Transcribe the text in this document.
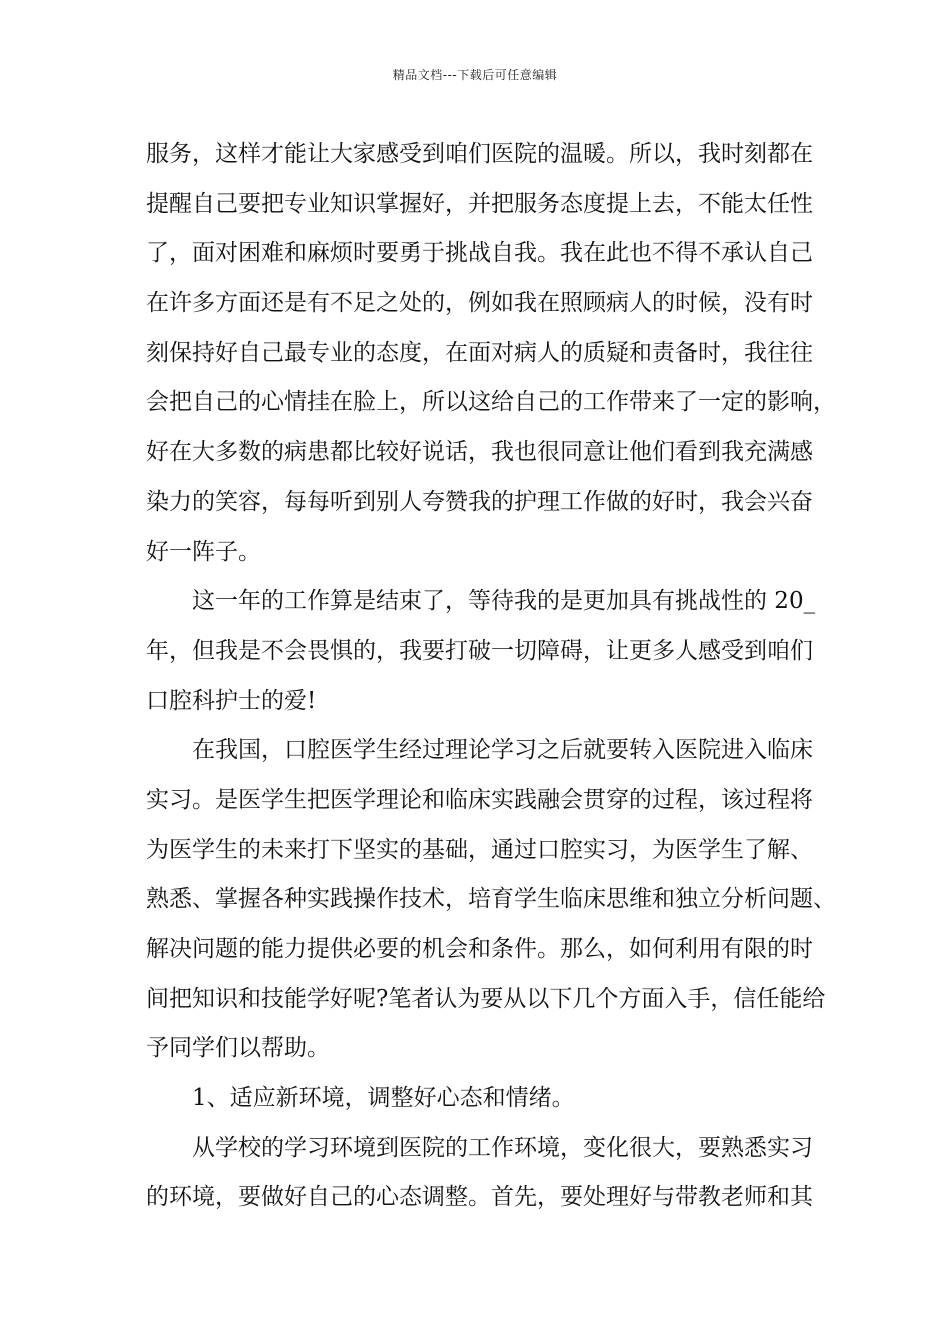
精品文档---下载后可任意编辑
服务，这样才能让大家感受到咱们医院的温暖。所以，我时刻都在
提醒自己要把专业知识掌握好，并把服务态度提上去，不能太任性
了，面对困难和麻烦时要勇于挑战自我。我在此也不得不承认自己
在许多方面还是有不足之处的，例如我在照顾病人的时候，没有时
刻保持好自己最专业的态度，在面对病人的质疑和责备时，我往往
会把自己的心情挂在脸上，所以这给自己的工作带来了一定的影响，
好在大多数的病患都比较好说话，我也很同意让他们看到我充满感
染力的笑容，每每听到别人夸赞我的护理工作做的好时，我会兴奋
好一阵子。
这一年的工作算是结束了，等待我的是更加具有挑战性的 20_
年，但我是不会畏惧的，我要打破一切障碍，让更多人感受到咱们
口腔科护士的爱!
在我国，口腔医学生经过理论学习之后就要转入医院进入临床
实习。是医学生把医学理论和临床实践融会贯穿的过程，该过程将
为医学生的未来打下坚实的基础，通过口腔实习，为医学生了解、
熟悉、掌握各种实践操作技术，培育学生临床思维和独立分析问题、
解决问题的能力提供必要的机会和条件。那么，如何利用有限的时
间把知识和技能学好呢?笔者认为要从以下几个方面入手，信任能给
予同学们以帮助。
1、适应新环境，调整好心态和情绪。
从学校的学习环境到医院的工作环境，变化很大，要熟悉实习
的环境，要做好自己的心态调整。首先，要处理好与带教老师和其
